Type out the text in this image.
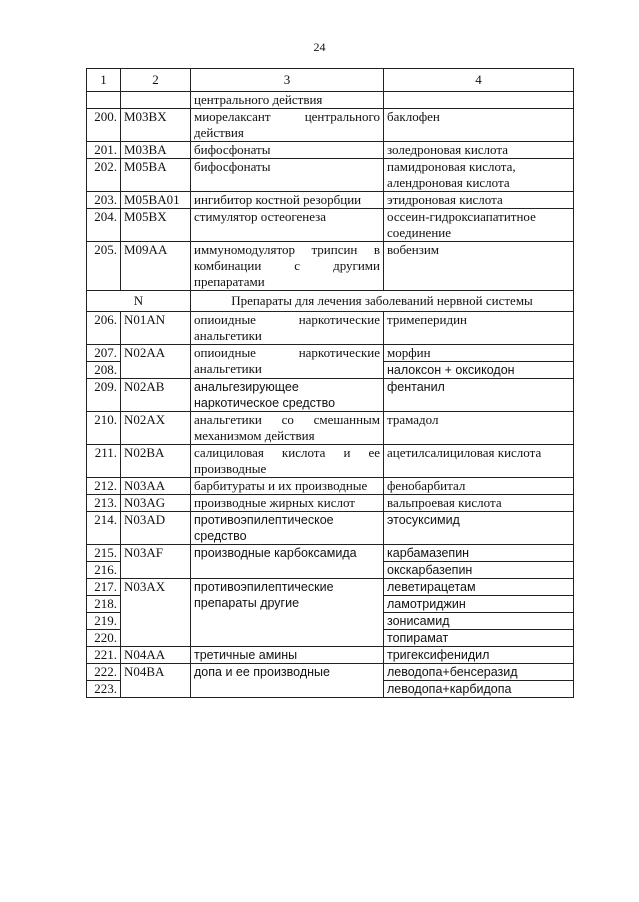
24
1	2	3	4
		центрального действия	
200.	M03BX	миорелаксант центрального действия	баклофен
201.	M03BA	бифосфонаты	золедроновая кислота
202.	M05BA	бифосфонаты	памидроновая кислота, алендроновая кислота
203.	M05BA01	ингибитор костной резорбции	этидроновая кислота
204.	M05BX	стимулятор остеогенеза	оссеин-гидроксиапатитное соединение
205.	M09AA	иммуномодулятор трипсин в комбинации с другими препаратами	вобензим
N		Препараты для лечения заболеваний нервной системы	
206.	N01AN	опиоидные наркотические анальгетики	тримеперидин
207.	N02AA	опиоидные наркотические анальгетики	морфин
208.			налоксон + оксикодон
209.	N02AB	анальгезирующее наркотическое средство	фентанил
210.	N02AX	анальгетики со смешанным механизмом действия	трамадол
211.	N02BA	салициловая кислота и ее производные	ацетилсалициловая кислота
212.	N03AA	барбитураты и их производные	фенобарбитал
213.	N03AG	производные жирных кислот	вальпроевая кислота
214.	N03AD	противоэпилептическое средство	этосуксимид
215.	N03AF	производные карбоксамида	карбамазепин
216.			окскарбазепин
217.	N03AX	противоэпилептические препараты другие	леветирацетам
218.			ламотриджин
219.			зонисамид
220.			топирамат
221.	N04AA	третичные амины	тригексифенидил
222.	N04BA	допа и ее производные	леводопа+бенсеразид
223.			леводопа+карбидопа
